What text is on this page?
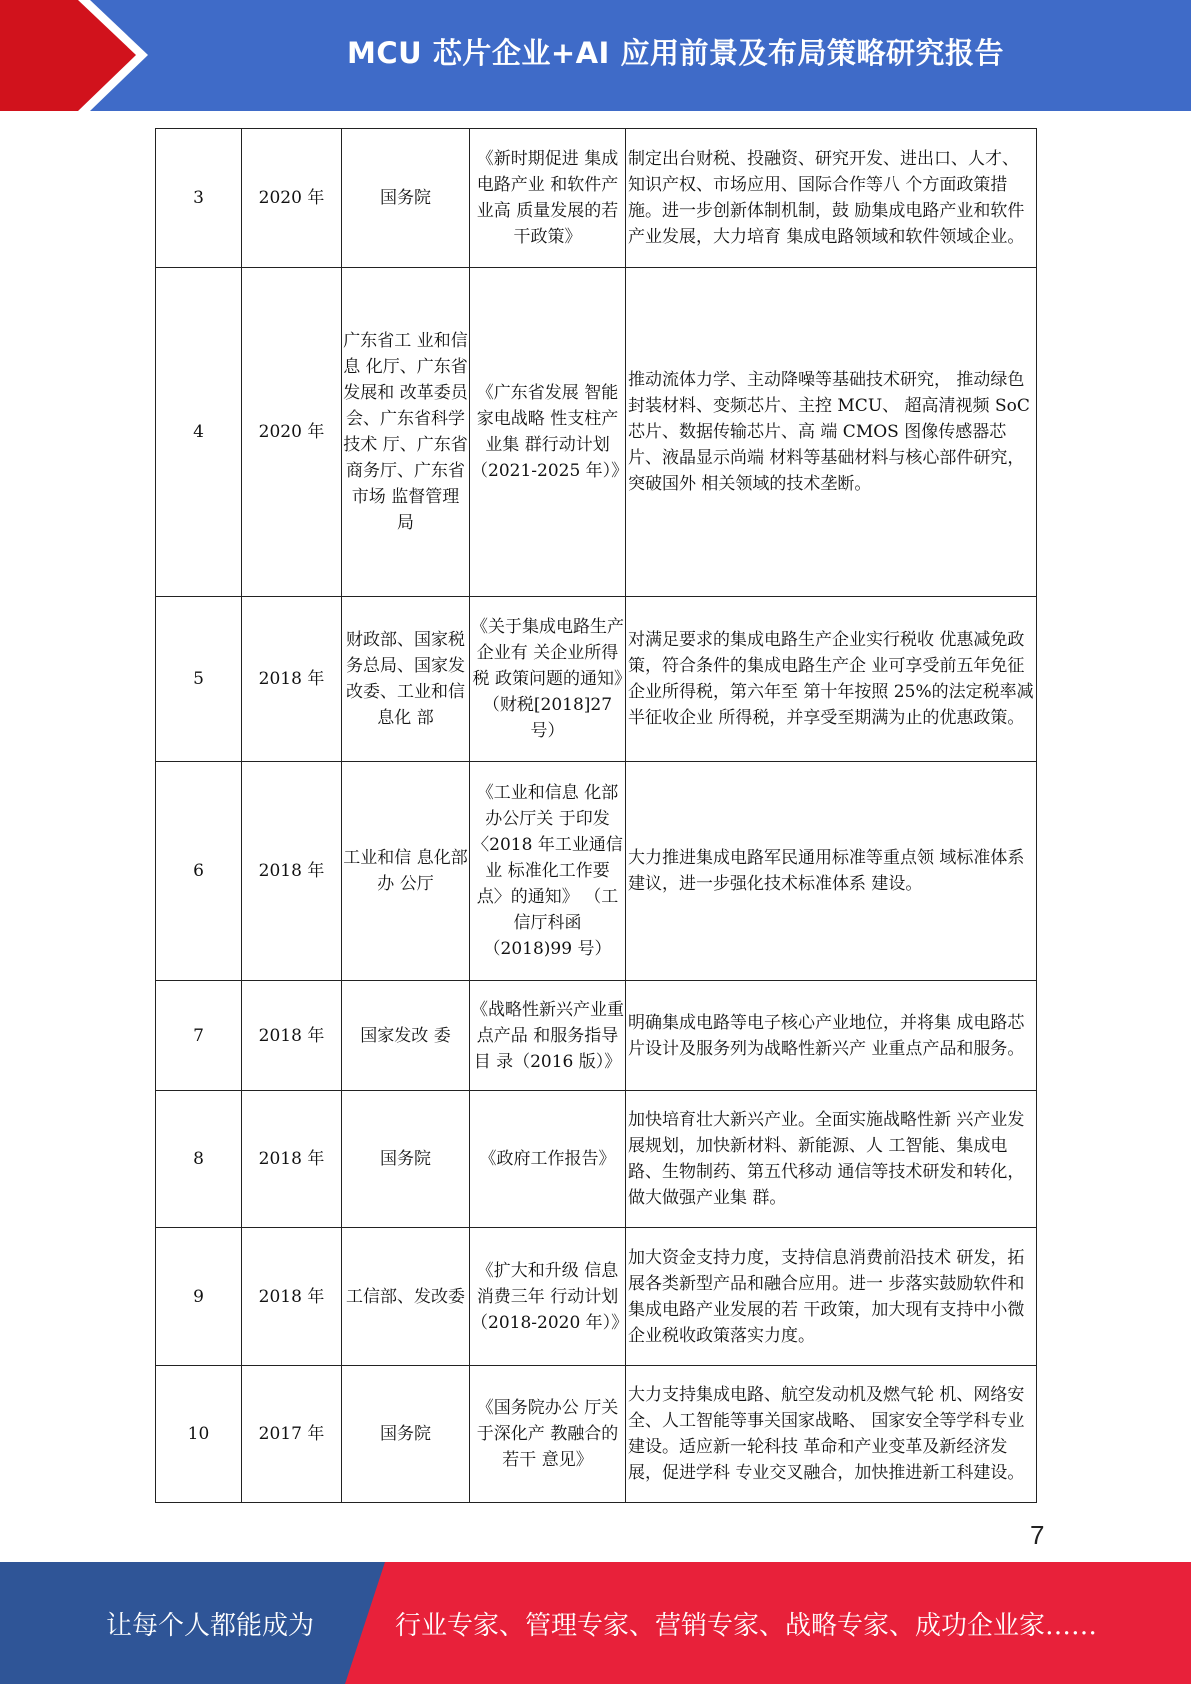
MCU 芯片企业+AI 应用前景及布局策略研究报告
3	2020 年	国务院	《新时期促进 集成电路产业 和软件产业高 质量发展的若 干政策》	制定出台财税、投融资、研究开发、进出口、人才、知识产权、市场应用、国际合作等八 个方面政策措施。进一步创新体制机制，鼓 励集成电路产业和软件产业发展，大力培育 集成电路领域和软件领域企业。
4	2020 年	广东省工 业和信息 化厅、广东省发展和 改革委员 会、广东省科学技术 厅、广东省 商务厅、广东省市场 监督管理 局	《广东省发展 智能家电战略 性支柱产业集 群行动计划（2021-2025 年）》	推动流体力学、主动降噪等基础技术研究， 推动绿色封装材料、变频芯片、主控 MCU、 超高清视频 SoC 芯片、数据传输芯片、高 端 CMOS 图像传感器芯片、液晶显示尚端 材料等基础材料与核心部件研究，突破国外 相关领域的技术垄断。
5	2018 年	财政部、国家税务总局、国家发改委、工业和信息化 部	《关于集成电路生产企业有 关企业所得税 政策问题的通知》（财税[2018]27 号）	对满足要求的集成电路生产企业实行税收 优惠减免政策，符合条件的集成电路生产企 业可享受前五年免征企业所得税，第六年至 第十年按照 25%的法定税率减半征收企业 所得税，并享受至期满为止的优惠政策。
6	2018 年	工业和信 息化部办 公厅	《工业和信息 化部办公厅关 于印发〈2018 年工业通信业 标准化工作要 点〉的通知》 （工信厅科函 （2018)99 号）	大力推进集成电路军民通用标准等重点领 域标准体系建议，进一步强化技术标准体系 建设。
7	2018 年	国家发改 委	《战略性新兴产业重点产品 和服务指导目 录（2016 版）》	明确集成电路等电子核心产业地位，并将集 成电路芯片设计及服务列为战略性新兴产 业重点产品和服务。
8	2018 年	国务院	《政府工作报告》	加快培育壮大新兴产业。全面实施战略性新 兴产业发展规划，加快新材料、新能源、人 工智能、集成电路、生物制药、第五代移动 通信等技术研发和转化，做大做强产业集 群。
9	2018 年	工信部、发改委	《扩大和升级 信息消费三年 行动计划（2018-2020 年）》	加大资金支持力度，支持信息消费前沿技术 研发，拓展各类新型产品和融合应用。进一 步落实鼓励软件和集成电路产业发展的若 干政策，加大现有支持中小微企业税收政策落实力度。
10	2017 年	国务院	《国务院办公 厅关于深化产 教融合的若干 意见》	大力支持集成电路、航空发动机及燃气轮 机、网络安全、人工智能等事关国家战略、 国家安全等学科专业建设。适应新一轮科技 革命和产业变革及新经济发展，促进学科 专业交叉融合，加快推进新工科建设。
7
让每个人都能成为	行业专家、管理专家、营销专家、战略专家、成功企业家……
